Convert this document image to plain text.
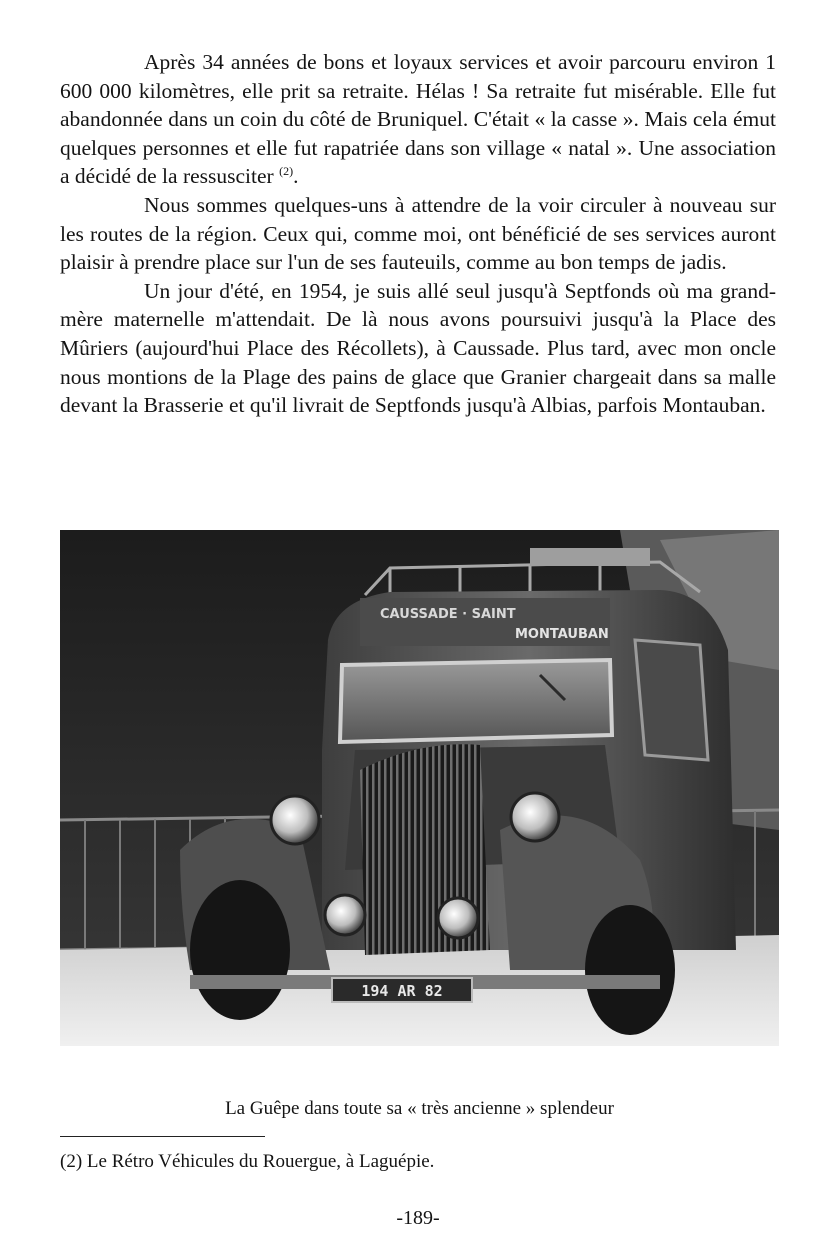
Après 34 années de bons et loyaux services et avoir parcouru environ 1 600 000 kilomètres, elle prit sa retraite. Hélas ! Sa retraite fut misérable. Elle fut abandonnée dans un coin du côté de Bruniquel. C'était « la casse ». Mais cela émut quelques personnes et elle fut rapatriée dans son village « natal ». Une association a décidé de la ressusciter $^{(2)}$.

Nous sommes quelques-uns à attendre de la voir circuler à nouveau sur les routes de la région. Ceux qui, comme moi, ont bénéficié de ses services auront plaisir à prendre place sur l'un de ses fauteuils, comme au bon temps de jadis.

Un jour d'été, en 1954, je suis allé seul jusqu'à Septfonds où ma grand-mère maternelle m'attendait. De là nous avons poursuivi jusqu'à la Place des Mûriers (aujourd'hui Place des Récollets), à Caussade. Plus tard, avec mon oncle nous montions de la Plage des pains de glace que Granier chargeait dans sa malle devant la Brasserie et qu'il livrait de Septfonds jusqu'à Albias, parfois Montauban.

CAUSSADE · SAINT
MONTAUBAN
194 AR 82
La Guêpe dans toute sa « très ancienne » splendeur
(2) Le Rétro Véhicules du Rouergue, à Laguépie.
-189-
